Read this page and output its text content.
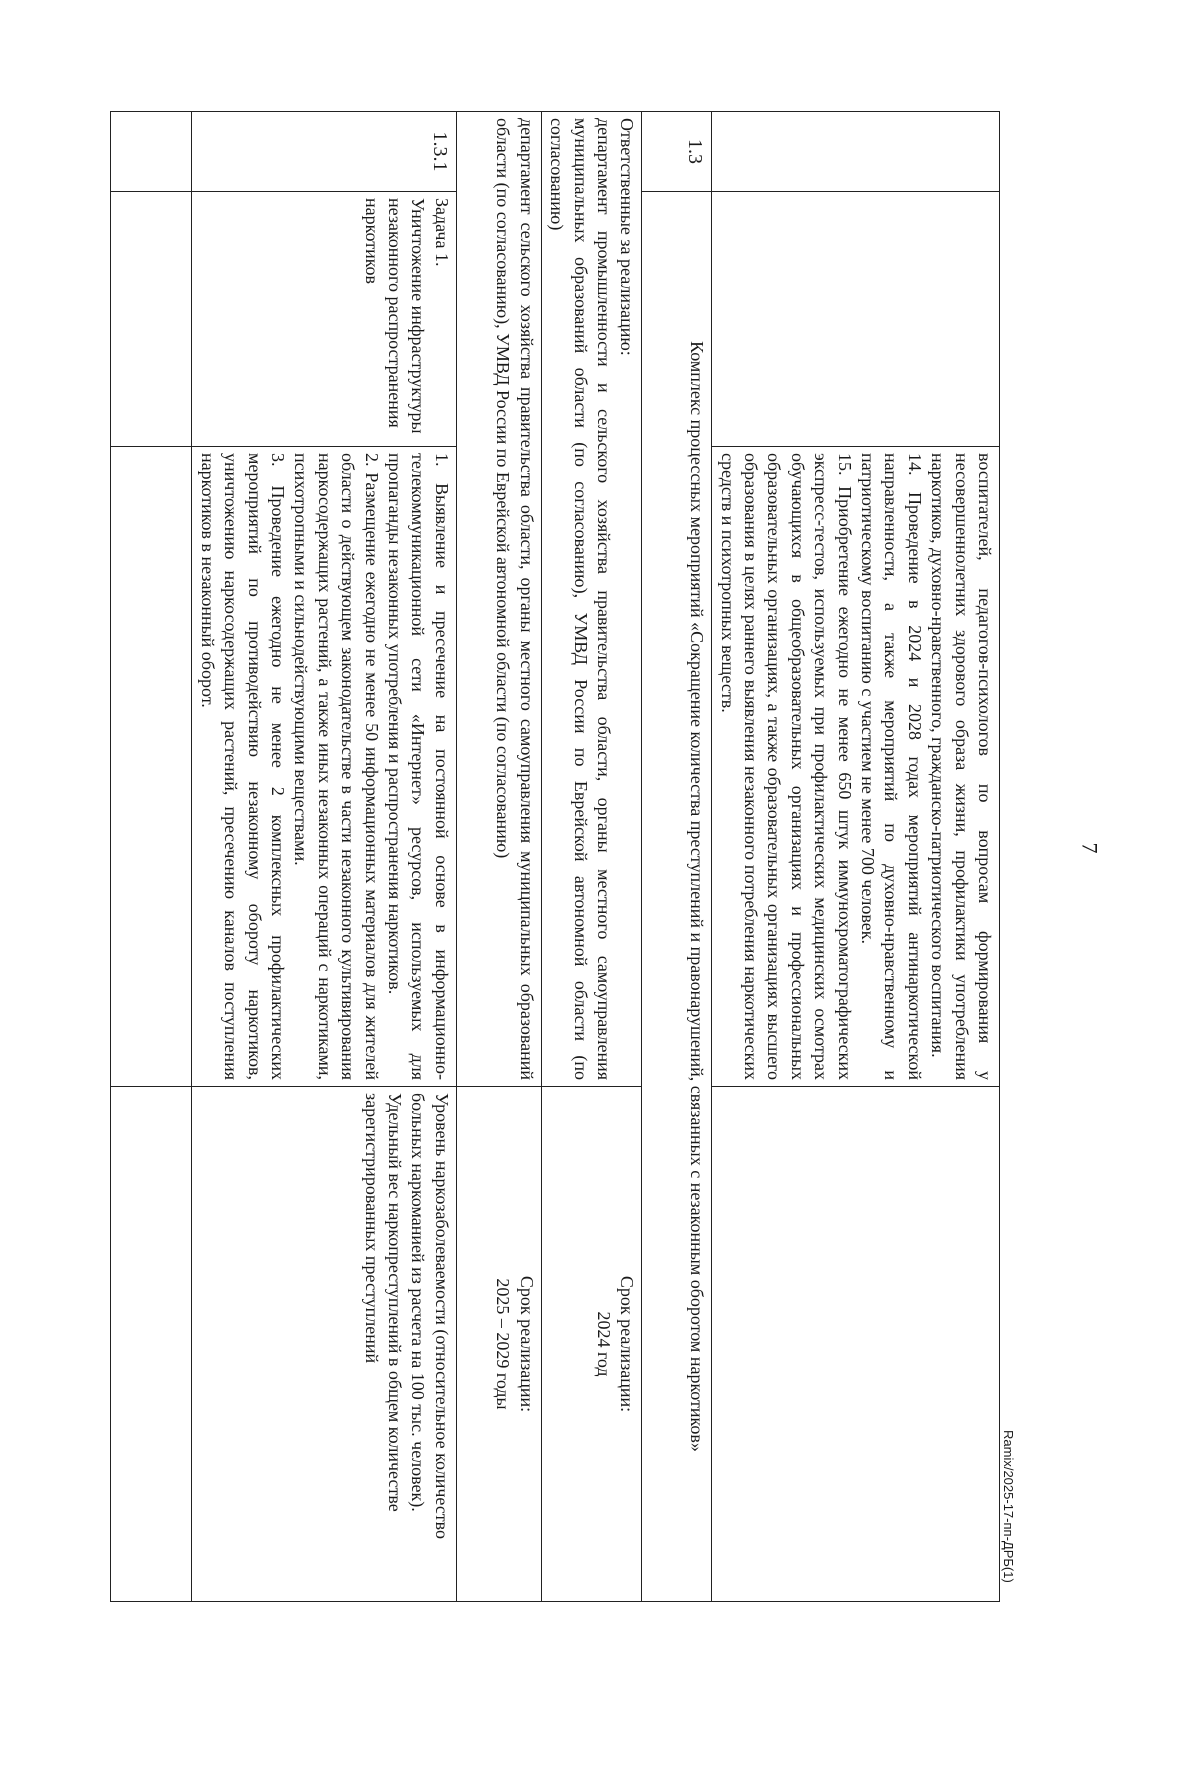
7
Ramix/2025-17-пп-ДРБ(1)
		воспитателей, педагогов-психологов по вопросам формирования у несовершеннолетних здорового образа жизни, профилактики употребления наркотиков, духовно-нравственного, гражданско-патриотического воспитания.
14. Проведение в 2024 и 2028 годах мероприятий антинаркотической направленности, а также мероприятий по духовно-нравственному и патриотическому воспитанию с участием не менее 700 человек.
15. Приобретение ежегодно не менее 650 штук иммунохроматографических экспресс-тестов, используемых при профилактических медицинских осмотрах обучающихся в общеобразовательных организациях и профессиональных образовательных организациях, а также образовательных организациях высшего образования в целях раннего выявления незаконного потребления наркотических средств и психотропных веществ.	
1.3	Комплекс процессных мероприятий «Сокращение количества преступлений и правонарушений, связанных с незаконным оборотом наркотиков»		
Ответственные за реализацию:
департамент промышленности и сельского хозяйства правительства области, органы местного самоуправления муниципальных образований области (по согласованию), УМВД России по Еврейской автономной области (по согласованию)			Срок реализации:
2024 год
департамент сельского хозяйства правительства области, органы местного самоуправления муниципальных образований области (по согласованию), УМВД России по Еврейской автономной области (по согласованию)			Срок реализации:
2025 – 2029 годы
1.3.1	Задача 1.
Уничтожение инфраструктуры незаконного распространения наркотиков	1. Выявление и пресечение на постоянной основе в информационно-телекоммуникационной сети «Интернет» ресурсов, используемых для пропаганды незаконных употребления и распространения наркотиков.
2. Размещение ежегодно не менее 50 информационных материалов для жителей области о действующем законодательстве в части незаконного культивирования наркосодержащих растений, а также иных незаконных операций с наркотиками, психотропными и сильнодействующими веществами.
3. Проведение ежегодно не менее 2 комплексных профилактических мероприятий по противодействию незаконному обороту наркотиков, уничтожению наркосодержащих растений, пресечению каналов поступления наркотиков в незаконный оборот.	Уровень наркозаболеваемости (относительное количество больных наркоманией из расчета на 100 тыс. человек).
Удельный вес наркопреступлений в общем количестве зарегистрированных преступлений
